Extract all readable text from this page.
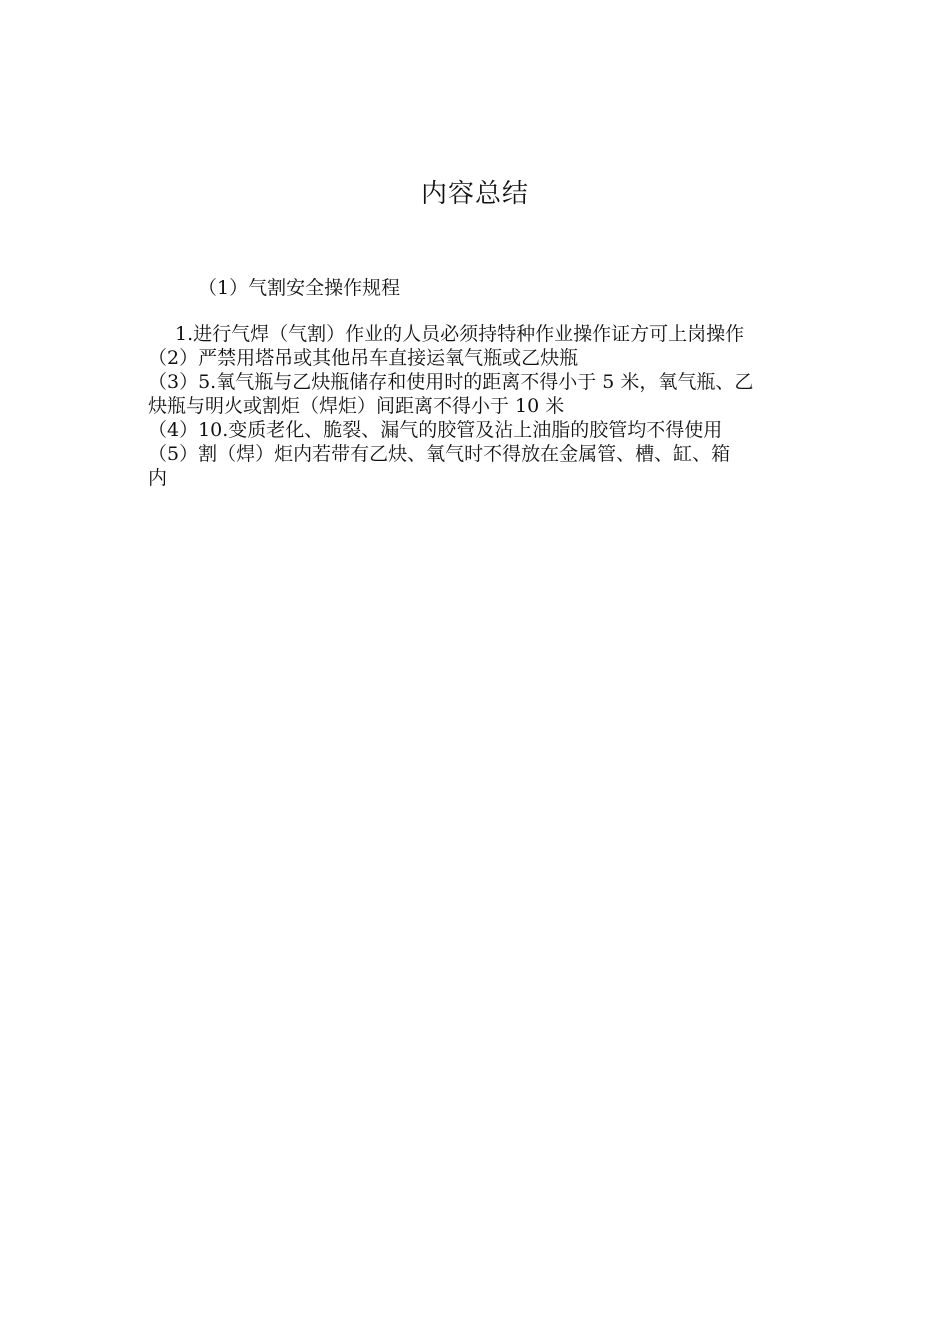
内容总结
（1）气割安全操作规程
1.进行气焊（气割）作业的人员必须持特种作业操作证方可上岗操作
（2）严禁用塔吊或其他吊车直接运氧气瓶或乙炔瓶
（3）5.氧气瓶与乙炔瓶储存和使用时的距离不得小于 5 米，氧气瓶、乙
炔瓶与明火或割炬（焊炬）间距离不得小于 10 米
（4）10.变质老化、脆裂、漏气的胶管及沾上油脂的胶管均不得使用
（5）割（焊）炬内若带有乙炔、氧气时不得放在金属管、槽、缸、箱
内
